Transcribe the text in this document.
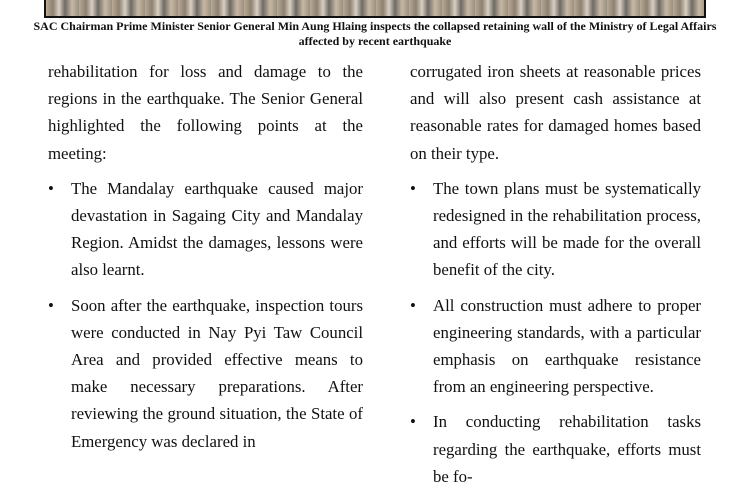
SAC Chairman Prime Minister Senior General Min Aung Hlaing inspects the collapsed retaining wall of the Ministry of Legal Affairs affected by recent earthquake

rehabilitation for loss and damage to the regions in the earthquake. The Senior General highlighted the following points at the meeting:

• The Mandalay earthquake caused major devastation in Sagaing City and Mandalay Region. Amidst the damages, lessons were also learnt.
• Soon after the earthquake, inspection tours were conducted in Nay Pyi Taw Council Area and provided effective means to make necessary preparations. After reviewing the ground situation, the State of Emergency was declared in

corrugated iron sheets at reasonable prices and will also present cash assistance at reasonable rates for damaged homes based on their type.

• The town plans must be systematically redesigned in the rehabilitation process, and efforts will be made for the overall benefit of the city.
• All construction must adhere to proper engineering standards, with a particular emphasis on earthquake resistance from an engineering perspective.
• In conducting rehabilitation tasks regarding the earthquake, efforts must be fo-
